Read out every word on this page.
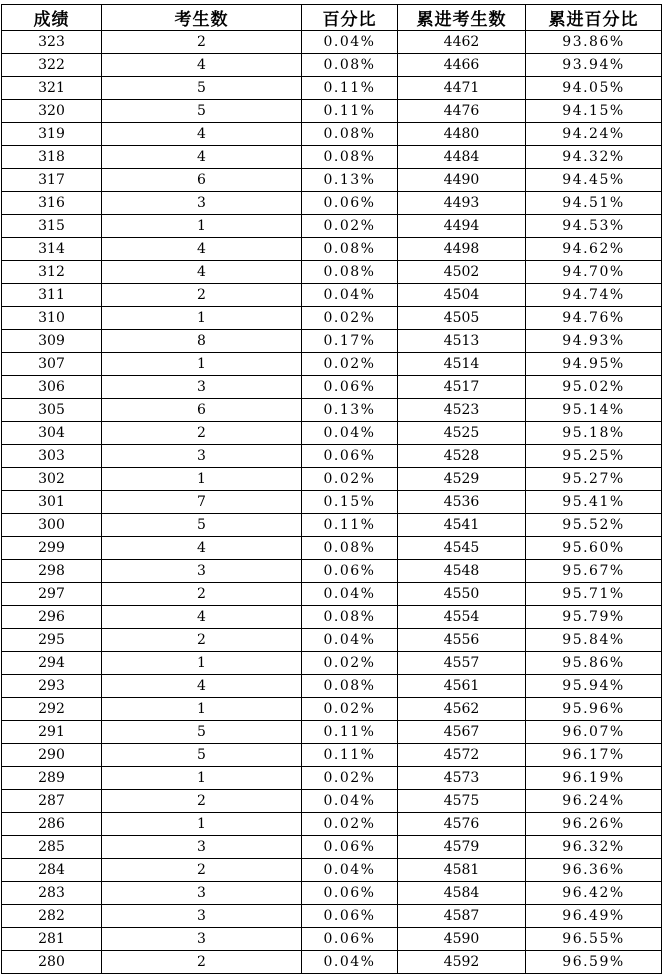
成绩	考生数	百分比	累进考生数	累进百分比
323	2	0.04%	4462	93.86%
322	4	0.08%	4466	93.94%
321	5	0.11%	4471	94.05%
320	5	0.11%	4476	94.15%
319	4	0.08%	4480	94.24%
318	4	0.08%	4484	94.32%
317	6	0.13%	4490	94.45%
316	3	0.06%	4493	94.51%
315	1	0.02%	4494	94.53%
314	4	0.08%	4498	94.62%
312	4	0.08%	4502	94.70%
311	2	0.04%	4504	94.74%
310	1	0.02%	4505	94.76%
309	8	0.17%	4513	94.93%
307	1	0.02%	4514	94.95%
306	3	0.06%	4517	95.02%
305	6	0.13%	4523	95.14%
304	2	0.04%	4525	95.18%
303	3	0.06%	4528	95.25%
302	1	0.02%	4529	95.27%
301	7	0.15%	4536	95.41%
300	5	0.11%	4541	95.52%
299	4	0.08%	4545	95.60%
298	3	0.06%	4548	95.67%
297	2	0.04%	4550	95.71%
296	4	0.08%	4554	95.79%
295	2	0.04%	4556	95.84%
294	1	0.02%	4557	95.86%
293	4	0.08%	4561	95.94%
292	1	0.02%	4562	95.96%
291	5	0.11%	4567	96.07%
290	5	0.11%	4572	96.17%
289	1	0.02%	4573	96.19%
287	2	0.04%	4575	96.24%
286	1	0.02%	4576	96.26%
285	3	0.06%	4579	96.32%
284	2	0.04%	4581	96.36%
283	3	0.06%	4584	96.42%
282	3	0.06%	4587	96.49%
281	3	0.06%	4590	96.55%
280	2	0.04%	4592	96.59%
